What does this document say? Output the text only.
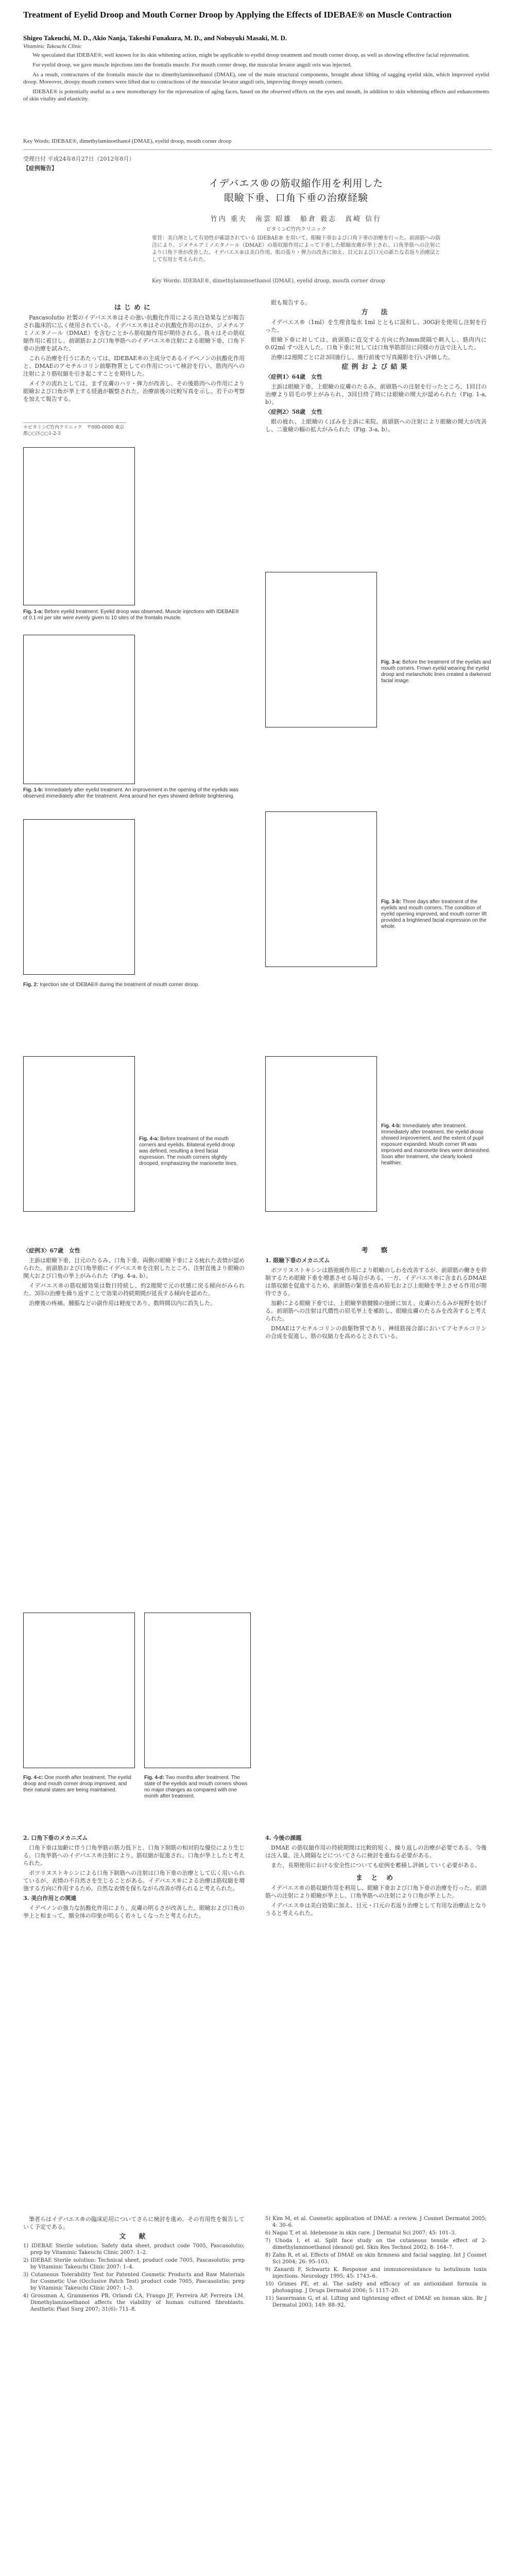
Treatment of Eyelid Droop and Mouth Corner Droop by Applying the Effects of IDEBAE® on Muscle Contraction
Shigeo Takeuchi, M. D., Akio Nanja, Takeshi Funakura, M. D., and Nobuyuki Masaki, M. D.
Vitaminic Takeuchi Clinic

We speculated that IDEBAE®, well known for its skin whitening action, might be applicable to eyelid droop treatment and mouth corner droop, as well as showing effective facial rejuvenation.

For eyelid droop, we gave muscle injections into the frontalis muscle. For mouth corner droop, the muscular levator anguli oris was injected.

As a result, contractures of the frontalis muscle due to dimethylaminoethanol (DMAE), one of the main structural components, brought about lifting of sagging eyelid skin, which improved eyelid droop. Moreover, droopy mouth corners were lifted due to contractions of the muscular levator anguli oris, improving droopy mouth corners.

IDEBAE® is potentially useful as a new monotherapy for the rejuvenation of aging faces, based on the observed effects on the eyes and mouth, in addition to skin whitening effects and enhancements of skin vitality and elasticity.

Key Words: IDEBAE®, dimethylaminoethanol (DMAE), eyelid droop, mouth corner droop
受理日付 平成24年8月27日（2012年8月）
【症例報告】
イデバエス®の筋収縮作用を利用した
眼瞼下垂、口角下垂の治療経験
竹内 重夫　南雲 昭雄　船倉 毅志　真崎 信行
ビタミンC竹内クリニック
要旨：美白剤として有効性が確認されている IDEBAE® を用いて、眼瞼下垂および口角下垂の治療を行った。前頭筋への筋注により、ジメチルアミノエタノール（DMAE）の筋収縮作用によって下垂した眼瞼皮膚が挙上され、口角挙筋への注射により口角下垂が改善した。イデバエス®は美白作用、肌の張り・弾力の改善に加え、目元および口元の新たな若返り治療法として有用と考えられた。
Key Words: IDEBAE®, dimethylaminoethanol (DMAE), eyelid droop, mouth corner droop

はじめに

Pascasolutio 社製のイデバエス®はその強い抗酸化作用による美白効果などが報告され臨床的に広く使用されている。イデバエス®はその抗酸化作用のほか、ジメチルアミノエタノール（DMAE）を含むことから筋収縮作用が期待される。我々はその筋収縮作用に着目し、前頭筋および口角挙筋へのイデバエス®注射による眼瞼下垂、口角下垂の治療を試みた。

これら治療を行うにあたっては、IDEBAE®の主成分であるイデベノンの抗酸化作用と、DMAEのアセチルコリン前駆物質としての作用について検討を行い、筋肉内への注射により筋収縮を引き起こすことを期待した。

メイクの流れとしては、まず皮膚のハリ・弾力が改善し、その後筋肉への作用により眼瞼および口角が挙上する経過が観察された。治療前後の比較写真を示し、若干の考察を加えて報告する。

＊ビタミンC竹内クリニック　〒000-0000 東京都○○区○○1-2-3

眼も報告する。

方　法

イデバエス®（1ml）を生理食塩水 1ml とともに混和し、30G針を使用し注射を行った。

眼瞼下垂に対しては、前頭筋に直交する方向に約3mm間隔で刺入し、筋肉内に 0.02ml ずつ注入した。口角下垂に対しては口角挙筋部位に同様の方法で注入した。

治療は2週間ごとに計3回施行し、施行前後で写真撮影を行い評価した。

症例および結果

〈症例1〉64歳　女性

主訴は眼瞼下垂、上眼瞼の皮膚のたるみ。前頭筋への注射を行ったところ、1回目の治療より眉毛の挙上がみられ、3回目終了時には眼瞼の開大が認められた（Fig. 1-a, b）。

〈症例2〉58歳　女性

眼の疲れ、上眼瞼のくぼみを主訴に来院。前頭筋への注射により眼瞼の開大が改善し、二重瞼の幅の拡大がみられた（Fig. 3-a, b）。

Fig. 1-a: Before eyelid treatment: Eyelid droop was observed. Muscle injections with IDEBAE® of 0.1 ml per site were evenly given to 10 sites of the frontalis muscle.
Fig. 1-b: Immediately after eyelid treatment. An improvement in the opening of the eyelids was observed immediately after the treatment. Area around her eyes showed definite brightening.
Fig. 2: Injection site of IDEBAE® during the treatment of mouth corner droop.
Fig. 3-a: Before the treatment of the eyelids and mouth corners. Frown eyelid wearing the eyelid droop and melancholic lines created a darkened facial image.
Fig. 3-b: Three days after treatment of the eyelids and mouth corners. The condition of eyelid opening improved, and mouth corner lift provided a brightened facial expression on the whole.
Fig. 4-a: Before treatment of the mouth corners and eyelids. Bilateral eyelid droop was defined, resulting a tired facial expression. The mouth corners slightly drooped, emphasizing the marionette lines.
Fig. 4-b: Immediately after treatment. Immediately after treatment, the eyelid droop showed improvement, and the extent of pupil exposure expanded. Mouth corner lift was improved and marionette lines were diminished. Soon after treatment, she clearly looked healthier.

〈症例3〉67歳　女性

主訴は眼瞼下垂、目元のたるみ、口角下垂。両側の眼瞼下垂による疲れた表情が認められた。前頭筋および口角挙筋にイデバエス®を注射したところ、注射直後より眼瞼の開大および口角の挙上がみられた（Fig. 4-a, b）。

イデバエス®の筋収縮効果は数日持続し、約2週間で元の状態に戻る傾向がみられた。3回の治療を繰り返すことで効果の持続期間が延長する傾向を認めた。

治療後の疼痛、腫脹などの副作用は軽度であり、数時間以内に消失した。

考　察

1. 眼瞼下垂のメカニズム

ボツリヌストキシンは筋弛緩作用により眼瞼のしわを改善するが、前頭筋の働きを抑制するため眼瞼下垂を増悪させる場合がある。一方、イデバエス®に含まれるDMAEは筋収縮を促進するため、前頭筋の緊張を高め眉毛および上眼瞼を挙上させる作用が期待できる。

加齢による眼瞼下垂では、上眼瞼挙筋腱膜の弛緩に加え、皮膚のたるみが視野を妨げる。前頭筋への注射は代償性の眉毛挙上を補助し、眼瞼皮膚のたるみを改善すると考えられた。

DMAEはアセチルコリンの前駆物質であり、神経筋接合部においてアセチルコリンの合成を促進し、筋の収縮力を高めるとされている。

Fig. 4-c: One month after treatment. The eyelid droop and mouth corner droop improved, and their natural states are being maintained.
Fig. 4-d: Two months after treatment. The state of the eyelids and mouth corners shows no major changes as compared with one month after treatment.

2. 口角下垂のメカニズム

口角下垂は加齢に伴う口角挙筋の筋力低下と、口角下制筋の相対的な優位により生じる。口角挙筋へのイデバエス®注射により、筋収縮が促進され、口角が挙上したと考えられた。

ボツリヌストキシンによる口角下制筋への注射は口角下垂の治療として広く用いられているが、表情の不自然さを生じることがある。イデバエス®による治療は筋収縮を増強する方向に作用するため、自然な表情を保ちながら改善が得られると考えられた。

3. 美白作用との関連

イデベノンの強力な抗酸化作用により、皮膚の明るさが改善した。眼瞼および口角の挙上と相まって、顔全体の印象が明るく若々しくなったと考えられた。

4. 今後の課題

DMAE の筋収縮作用の持続期間は比較的短く、繰り返しの治療が必要である。今後は注入量、注入間隔などについてさらに検討を重ねる必要がある。

また、長期使用における安全性についても症例を蓄積し評価していく必要がある。

ま と め

イデバエス®の筋収縮作用を利用し、眼瞼下垂および口角下垂の治療を行った。前頭筋への注射により眼瞼が挙上し、口角挙筋への注射により口角が挙上した。

イデバエス®は美白効果に加え、目元・口元の若返り治療として有用な治療法となりうると考えられた。

筆者らはイデバエス®の臨床応用についてさらに検討を進め、その有用性を報告していく予定である。

文　献

1) IDEBAE Sterile solution: Safety data sheet, product code 7005, Pascasolutio; prep by Vitaminic Takeuchi Clinic 2007: 1–2.

2) IDEBAE Sterile solution: Technical sheet, product code 7005, Pascasolutio; prep by Vitaminic Takeuchi Clinic 2007: 1–4.

3) Cutaneous Tolerability Test for Patented Cosmetic Products and Raw Materials for Cosmetic Use (Occlusive Patch Test) product code 7005, Pascasolutio; prep by Vitaminic Takeuchi Clinic 2007: 1–3.

4) Grossman A, Grammenos PB, Orlandi CA, Frango JF, Ferreira AP, Ferreira LM. Dimethylaminoethanol affects the viability of human cultured fibroblasts. Aesthetic Plast Surg 2007; 31(6): 711–8.

5) Kim M, et al. Cosmetic application of DMAE: a review. J Cosmet Dermatol 2005; 4: 30–6.

6) Nagai T, et al. Idebenone in skin care. J Dermatol Sci 2007; 45: 101–3.

7) Uhoda I, et al. Split face study on the cutaneous tensile effect of 2-dimethylaminoethanol (deanol) gel. Skin Res Technol 2002; 8: 164–7.

8) Zahn R, et al. Effects of DMAE on skin firmness and facial sagging. Int J Cosmet Sci 2004; 26: 95–103.

9) Zanardi F, Schwartz K. Response and immunoresistance to botulinum toxin injections. Neurology 1995; 45: 1743–6.

10) Grimes PE, et al. The safety and efficacy of an antioxidant formula in photoaging. J Drugs Dermatol 2006; 5: 1117–20.

11) Sauermann G, et al. Lifting and tightening effect of DMAE on human skin. Br J Dermatol 2003; 149: 88–92.
